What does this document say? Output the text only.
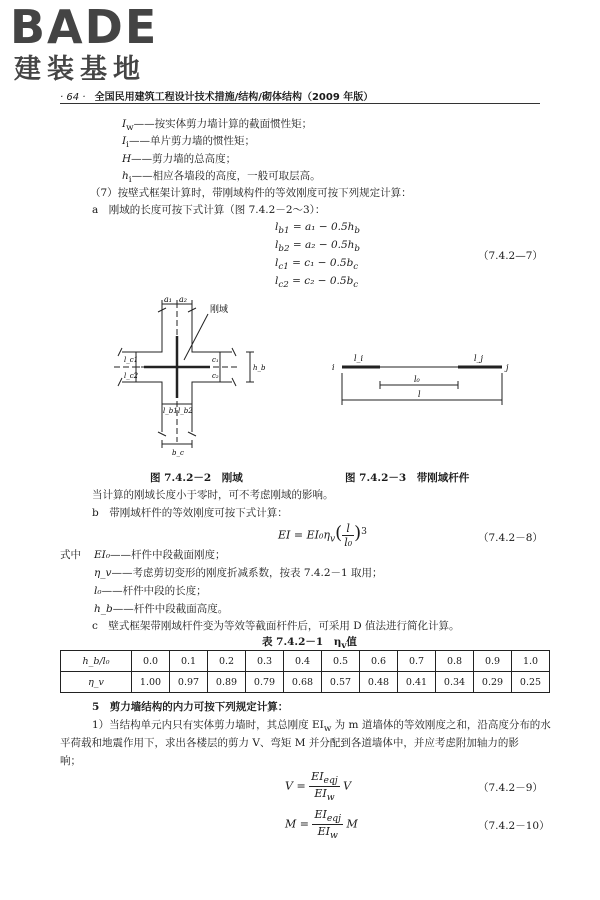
BADE
建装基地
· 64 · 全国民用建筑工程设计技术措施/结构/砌体结构（2009 年版）
$I_w——$按实体剪力墙计算的截面惯性矩；
$I_i——$单片剪力墙的惯性矩；
H——剪力墙的总高度；
$h_i——$相应各墙段的高度，一般可取层高。
（7）按壁式框架计算时，带刚域构件的等效刚度可按下列规定计算：
a　刚域的长度可按下式计算（图 7.4.2－2～3）：
$l_{b1} = a_1 - 0.5h_b$
$l_{b2} = a_2 - 0.5h_b$
$l_{c1} = c_1 - 0.5b_c$
$l_{c2} = c_2 - 0.5b_c$
（7.4.2—7）
a₁ a₂
刚域
l_c1
l_c2
c₁
c₂
h_b
l_b1 l_b2
b_c
i	j
l_i	l_j
l₀
l
图 7.4.2－2　刚域	图 7.4.2－3　带刚域杆件
当计算的刚域长度小于零时，可不考虑刚域的影响。
b　带刚域杆件的等效刚度可按下式计算：
EI = $EI_0\eta_v( \frac{l}{\text{l₀}} )^3$
（7.4.2－8）
式中 EI₀——杆件中段截面刚度；
η_v——考虑剪切变形的刚度折减系数，按表 7.4.2－1 取用；
l₀——杆件中段的长度；
h_b——杆件中段截面高度。
c　壁式框架带刚域杆件变为等效等截面杆件后，可采用 D 值法进行简化计算。
表 7.4.2－1　$\eta_v$值
h_b/l₀	0.0	0.1	0.2	0.3	0.4	0.5	0.6	0.7	0.8	0.9	1.0
η_v	1.00	0.97	0.89	0.79	0.68	0.57	0.48	0.41	0.34	0.29	0.25
5　剪力墙结构的内力可按下列规定计算：
1）当结构单元内只有实体剪力墙时，其总刚度 $EI_w$ 为 m 道墙体的等效刚度之和，沿高度分布的水
平荷载和地震作用下，求出各楼层的剪力 V、弯矩 M 并分配到各道墙体中，并应考虑附加轴力的影
响；
$V = \frac{EI_{eqj}}{EI_w}$ V	（7.4.2－9）
$M = \frac{EI_{eqj}}{EI_w}$ M	（7.4.2－10）
